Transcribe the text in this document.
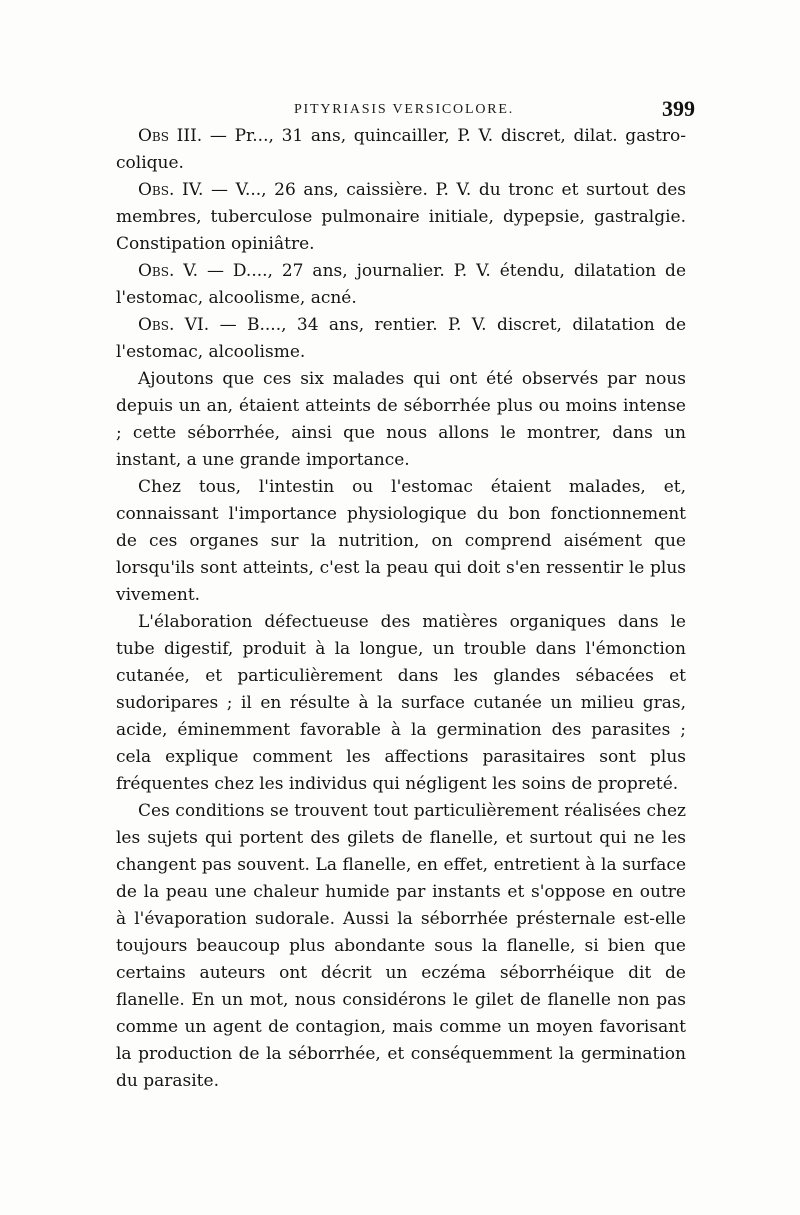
PITYRIASIS VERSICOLORE.	399

Obs III. — Pr..., 31 ans, quincailler, P. V. discret, dilat. gastro-colique.

Obs. IV. — V..., 26 ans, caissière. P. V. du tronc et surtout des membres, tuberculose pulmonaire initiale, dypepsie, gastralgie. Constipation opiniâtre.

Obs. V. — D...., 27 ans, journalier. P. V. étendu, dilatation de l'estomac, alcoolisme, acné.

Obs. VI. — B...., 34 ans, rentier. P. V. discret, dilatation de l'estomac, alcoolisme.

Ajoutons que ces six malades qui ont été observés par nous depuis un an, étaient atteints de séborrhée plus ou moins intense ; cette séborrhée, ainsi que nous allons le montrer, dans un instant, a une grande importance.

Chez tous, l'intestin ou l'estomac étaient malades, et, connaissant l'importance physiologique du bon fonctionnement de ces organes sur la nutrition, on comprend aisément que lorsqu'ils sont atteints, c'est la peau qui doit s'en ressentir le plus vivement.

L'élaboration défectueuse des matières organiques dans le tube digestif, produit à la longue, un trouble dans l'émonction cutanée, et particulièrement dans les glandes sébacées et sudoripares ; il en résulte à la surface cutanée un milieu gras, acide, éminemment favorable à la germination des parasites ; cela explique comment les affections parasitaires sont plus fréquentes chez les individus qui négligent les soins de propreté.

Ces conditions se trouvent tout particulièrement réalisées chez les sujets qui portent des gilets de flanelle, et surtout qui ne les changent pas souvent. La flanelle, en effet, entretient à la surface de la peau une chaleur humide par instants et s'oppose en outre à l'évaporation sudorale. Aussi la séborrhée présternale est-elle toujours beaucoup plus abondante sous la flanelle, si bien que certains auteurs ont décrit un eczéma séborrhéique dit de flanelle. En un mot, nous considérons le gilet de flanelle non pas comme un agent de contagion, mais comme un moyen favorisant la production de la séborrhée, et conséquemment la germination du parasite.
